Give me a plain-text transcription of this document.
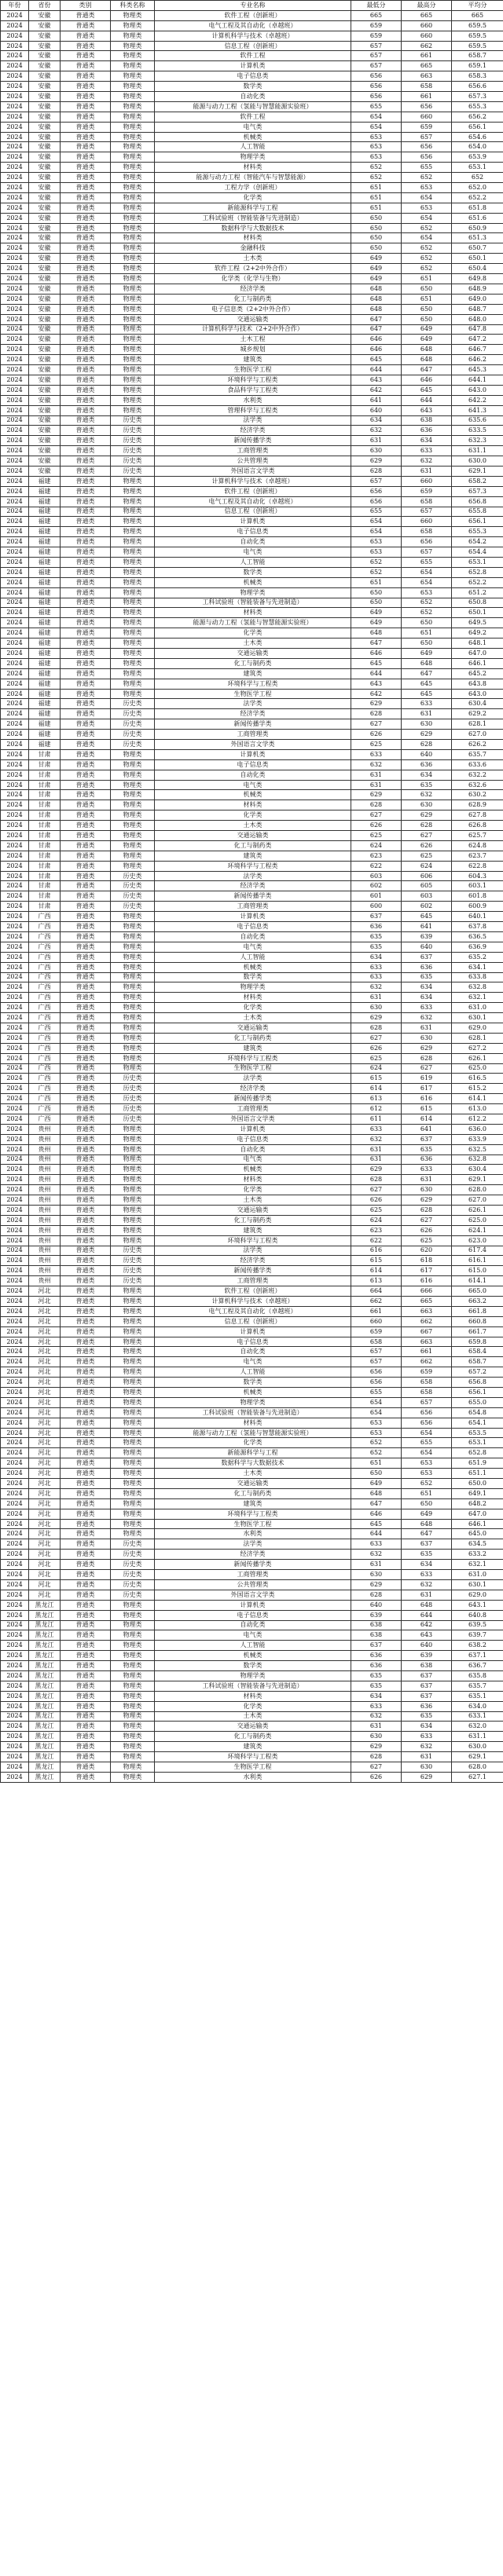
年份	省份	类别	科类名称	专业名称	最低分	最高分	平均分
2024	安徽	普通类	物理类	软件工程（创新班）	665	665	665
2024	安徽	普通类	物理类	电气工程及其自动化（卓越班）	659	660	659.5
2024	安徽	普通类	物理类	计算机科学与技术（卓越班）	659	660	659.5
2024	安徽	普通类	物理类	信息工程（创新班）	657	662	659.5
2024	安徽	普通类	物理类	软件工程	657	661	658.7
2024	安徽	普通类	物理类	计算机类	657	665	659.1
2024	安徽	普通类	物理类	电子信息类	656	663	658.3
2024	安徽	普通类	物理类	数学类	656	658	656.6
2024	安徽	普通类	物理类	自动化类	656	661	657.3
2024	安徽	普通类	物理类	能源与动力工程（氢能与智慧能源实验班）	655	656	655.3
2024	安徽	普通类	物理类	软件工程	654	660	656.2
2024	安徽	普通类	物理类	电气类	654	659	656.1
2024	安徽	普通类	物理类	机械类	653	657	654.6
2024	安徽	普通类	物理类	人工智能	653	656	654.0
2024	安徽	普通类	物理类	物理学类	653	656	653.9
2024	安徽	普通类	物理类	材料类	652	655	653.1
2024	安徽	普通类	物理类	能源与动力工程（智能汽车与智慧能源）	652	652	652
2024	安徽	普通类	物理类	工程力学（创新班）	651	653	652.0
2024	安徽	普通类	物理类	化学类	651	654	652.2
2024	安徽	普通类	物理类	新能源科学与工程	651	653	651.8
2024	安徽	普通类	物理类	工科试验班（智能装备与先进制造）	650	654	651.6
2024	安徽	普通类	物理类	数据科学与大数据技术	650	652	650.9
2024	安徽	普通类	物理类	材料类	650	654	651.3
2024	安徽	普通类	物理类	金融科技	650	652	650.7
2024	安徽	普通类	物理类	土木类	649	652	650.1
2024	安徽	普通类	物理类	软件工程（2+2中外合作）	649	652	650.4
2024	安徽	普通类	物理类	化学类（化学与生物）	649	651	649.8
2024	安徽	普通类	物理类	经济学类	648	650	648.9
2024	安徽	普通类	物理类	化工与制药类	648	651	649.0
2024	安徽	普通类	物理类	电子信息类（2+2中外合作）	648	650	648.7
2024	安徽	普通类	物理类	交通运输类	647	650	648.0
2024	安徽	普通类	物理类	计算机科学与技术（2+2中外合作）	647	649	647.8
2024	安徽	普通类	物理类	土木工程	646	649	647.2
2024	安徽	普通类	物理类	城乡规划	646	648	646.7
2024	安徽	普通类	物理类	建筑类	645	648	646.2
2024	安徽	普通类	物理类	生物医学工程	644	647	645.3
2024	安徽	普通类	物理类	环境科学与工程类	643	646	644.1
2024	安徽	普通类	物理类	食品科学与工程类	642	645	643.0
2024	安徽	普通类	物理类	水利类	641	644	642.2
2024	安徽	普通类	物理类	管理科学与工程类	640	643	641.3
2024	安徽	普通类	历史类	法学类	634	638	635.6
2024	安徽	普通类	历史类	经济学类	632	636	633.5
2024	安徽	普通类	历史类	新闻传播学类	631	634	632.3
2024	安徽	普通类	历史类	工商管理类	630	633	631.1
2024	安徽	普通类	历史类	公共管理类	629	632	630.0
2024	安徽	普通类	历史类	外国语言文学类	628	631	629.1
2024	福建	普通类	物理类	计算机科学与技术（卓越班）	657	660	658.2
2024	福建	普通类	物理类	软件工程（创新班）	656	659	657.3
2024	福建	普通类	物理类	电气工程及其自动化（卓越班）	656	658	656.8
2024	福建	普通类	物理类	信息工程（创新班）	655	657	655.8
2024	福建	普通类	物理类	计算机类	654	660	656.1
2024	福建	普通类	物理类	电子信息类	654	658	655.3
2024	福建	普通类	物理类	自动化类	653	656	654.2
2024	福建	普通类	物理类	电气类	653	657	654.4
2024	福建	普通类	物理类	人工智能	652	655	653.1
2024	福建	普通类	物理类	数学类	652	654	652.8
2024	福建	普通类	物理类	机械类	651	654	652.2
2024	福建	普通类	物理类	物理学类	650	653	651.2
2024	福建	普通类	物理类	工科试验班（智能装备与先进制造）	650	652	650.8
2024	福建	普通类	物理类	材料类	649	652	650.1
2024	福建	普通类	物理类	能源与动力工程（氢能与智慧能源实验班）	649	650	649.5
2024	福建	普通类	物理类	化学类	648	651	649.2
2024	福建	普通类	物理类	土木类	647	650	648.1
2024	福建	普通类	物理类	交通运输类	646	649	647.0
2024	福建	普通类	物理类	化工与制药类	645	648	646.1
2024	福建	普通类	物理类	建筑类	644	647	645.2
2024	福建	普通类	物理类	环境科学与工程类	643	645	643.8
2024	福建	普通类	物理类	生物医学工程	642	645	643.0
2024	福建	普通类	历史类	法学类	629	633	630.4
2024	福建	普通类	历史类	经济学类	628	631	629.2
2024	福建	普通类	历史类	新闻传播学类	627	630	628.1
2024	福建	普通类	历史类	工商管理类	626	629	627.0
2024	福建	普通类	历史类	外国语言文学类	625	628	626.2
2024	甘肃	普通类	物理类	计算机类	633	640	635.7
2024	甘肃	普通类	物理类	电子信息类	632	636	633.6
2024	甘肃	普通类	物理类	自动化类	631	634	632.2
2024	甘肃	普通类	物理类	电气类	631	635	632.6
2024	甘肃	普通类	物理类	机械类	629	632	630.2
2024	甘肃	普通类	物理类	材料类	628	630	628.9
2024	甘肃	普通类	物理类	化学类	627	629	627.8
2024	甘肃	普通类	物理类	土木类	626	628	626.8
2024	甘肃	普通类	物理类	交通运输类	625	627	625.7
2024	甘肃	普通类	物理类	化工与制药类	624	626	624.8
2024	甘肃	普通类	物理类	建筑类	623	625	623.7
2024	甘肃	普通类	物理类	环境科学与工程类	622	624	622.8
2024	甘肃	普通类	历史类	法学类	603	606	604.3
2024	甘肃	普通类	历史类	经济学类	602	605	603.1
2024	甘肃	普通类	历史类	新闻传播学类	601	603	601.8
2024	甘肃	普通类	历史类	工商管理类	600	602	600.9
2024	广西	普通类	物理类	计算机类	637	645	640.1
2024	广西	普通类	物理类	电子信息类	636	641	637.8
2024	广西	普通类	物理类	自动化类	635	639	636.5
2024	广西	普通类	物理类	电气类	635	640	636.9
2024	广西	普通类	物理类	人工智能	634	637	635.2
2024	广西	普通类	物理类	机械类	633	636	634.1
2024	广西	普通类	物理类	数学类	633	635	633.8
2024	广西	普通类	物理类	物理学类	632	634	632.8
2024	广西	普通类	物理类	材料类	631	634	632.1
2024	广西	普通类	物理类	化学类	630	633	631.0
2024	广西	普通类	物理类	土木类	629	632	630.1
2024	广西	普通类	物理类	交通运输类	628	631	629.0
2024	广西	普通类	物理类	化工与制药类	627	630	628.1
2024	广西	普通类	物理类	建筑类	626	629	627.2
2024	广西	普通类	物理类	环境科学与工程类	625	628	626.1
2024	广西	普通类	物理类	生物医学工程	624	627	625.0
2024	广西	普通类	历史类	法学类	615	619	616.5
2024	广西	普通类	历史类	经济学类	614	617	615.2
2024	广西	普通类	历史类	新闻传播学类	613	616	614.1
2024	广西	普通类	历史类	工商管理类	612	615	613.0
2024	广西	普通类	历史类	外国语言文学类	611	614	612.2
2024	贵州	普通类	物理类	计算机类	633	641	636.0
2024	贵州	普通类	物理类	电子信息类	632	637	633.9
2024	贵州	普通类	物理类	自动化类	631	635	632.5
2024	贵州	普通类	物理类	电气类	631	636	632.8
2024	贵州	普通类	物理类	机械类	629	633	630.4
2024	贵州	普通类	物理类	材料类	628	631	629.1
2024	贵州	普通类	物理类	化学类	627	630	628.0
2024	贵州	普通类	物理类	土木类	626	629	627.0
2024	贵州	普通类	物理类	交通运输类	625	628	626.1
2024	贵州	普通类	物理类	化工与制药类	624	627	625.0
2024	贵州	普通类	物理类	建筑类	623	626	624.1
2024	贵州	普通类	物理类	环境科学与工程类	622	625	623.0
2024	贵州	普通类	历史类	法学类	616	620	617.4
2024	贵州	普通类	历史类	经济学类	615	618	616.1
2024	贵州	普通类	历史类	新闻传播学类	614	617	615.0
2024	贵州	普通类	历史类	工商管理类	613	616	614.1
2024	河北	普通类	物理类	软件工程（创新班）	664	666	665.0
2024	河北	普通类	物理类	计算机科学与技术（卓越班）	662	665	663.2
2024	河北	普通类	物理类	电气工程及其自动化（卓越班）	661	663	661.8
2024	河北	普通类	物理类	信息工程（创新班）	660	662	660.8
2024	河北	普通类	物理类	计算机类	659	667	661.7
2024	河北	普通类	物理类	电子信息类	658	663	659.8
2024	河北	普通类	物理类	自动化类	657	661	658.4
2024	河北	普通类	物理类	电气类	657	662	658.7
2024	河北	普通类	物理类	人工智能	656	659	657.2
2024	河北	普通类	物理类	数学类	656	658	656.8
2024	河北	普通类	物理类	机械类	655	658	656.1
2024	河北	普通类	物理类	物理学类	654	657	655.0
2024	河北	普通类	物理类	工科试验班（智能装备与先进制造）	654	656	654.8
2024	河北	普通类	物理类	材料类	653	656	654.1
2024	河北	普通类	物理类	能源与动力工程（氢能与智慧能源实验班）	653	654	653.5
2024	河北	普通类	物理类	化学类	652	655	653.1
2024	河北	普通类	物理类	新能源科学与工程	652	654	652.8
2024	河北	普通类	物理类	数据科学与大数据技术	651	653	651.9
2024	河北	普通类	物理类	土木类	650	653	651.1
2024	河北	普通类	物理类	交通运输类	649	652	650.0
2024	河北	普通类	物理类	化工与制药类	648	651	649.1
2024	河北	普通类	物理类	建筑类	647	650	648.2
2024	河北	普通类	物理类	环境科学与工程类	646	649	647.0
2024	河北	普通类	物理类	生物医学工程	645	648	646.1
2024	河北	普通类	物理类	水利类	644	647	645.0
2024	河北	普通类	历史类	法学类	633	637	634.5
2024	河北	普通类	历史类	经济学类	632	635	633.2
2024	河北	普通类	历史类	新闻传播学类	631	634	632.1
2024	河北	普通类	历史类	工商管理类	630	633	631.0
2024	河北	普通类	历史类	公共管理类	629	632	630.1
2024	河北	普通类	历史类	外国语言文学类	628	631	629.0
2024	黑龙江	普通类	物理类	计算机类	640	648	643.1
2024	黑龙江	普通类	物理类	电子信息类	639	644	640.8
2024	黑龙江	普通类	物理类	自动化类	638	642	639.5
2024	黑龙江	普通类	物理类	电气类	638	643	639.7
2024	黑龙江	普通类	物理类	人工智能	637	640	638.2
2024	黑龙江	普通类	物理类	机械类	636	639	637.1
2024	黑龙江	普通类	物理类	数学类	636	638	636.7
2024	黑龙江	普通类	物理类	物理学类	635	637	635.8
2024	黑龙江	普通类	物理类	工科试验班（智能装备与先进制造）	635	637	635.7
2024	黑龙江	普通类	物理类	材料类	634	637	635.1
2024	黑龙江	普通类	物理类	化学类	633	636	634.0
2024	黑龙江	普通类	物理类	土木类	632	635	633.1
2024	黑龙江	普通类	物理类	交通运输类	631	634	632.0
2024	黑龙江	普通类	物理类	化工与制药类	630	633	631.1
2024	黑龙江	普通类	物理类	建筑类	629	632	630.0
2024	黑龙江	普通类	物理类	环境科学与工程类	628	631	629.1
2024	黑龙江	普通类	物理类	生物医学工程	627	630	628.0
2024	黑龙江	普通类	物理类	水利类	626	629	627.1
